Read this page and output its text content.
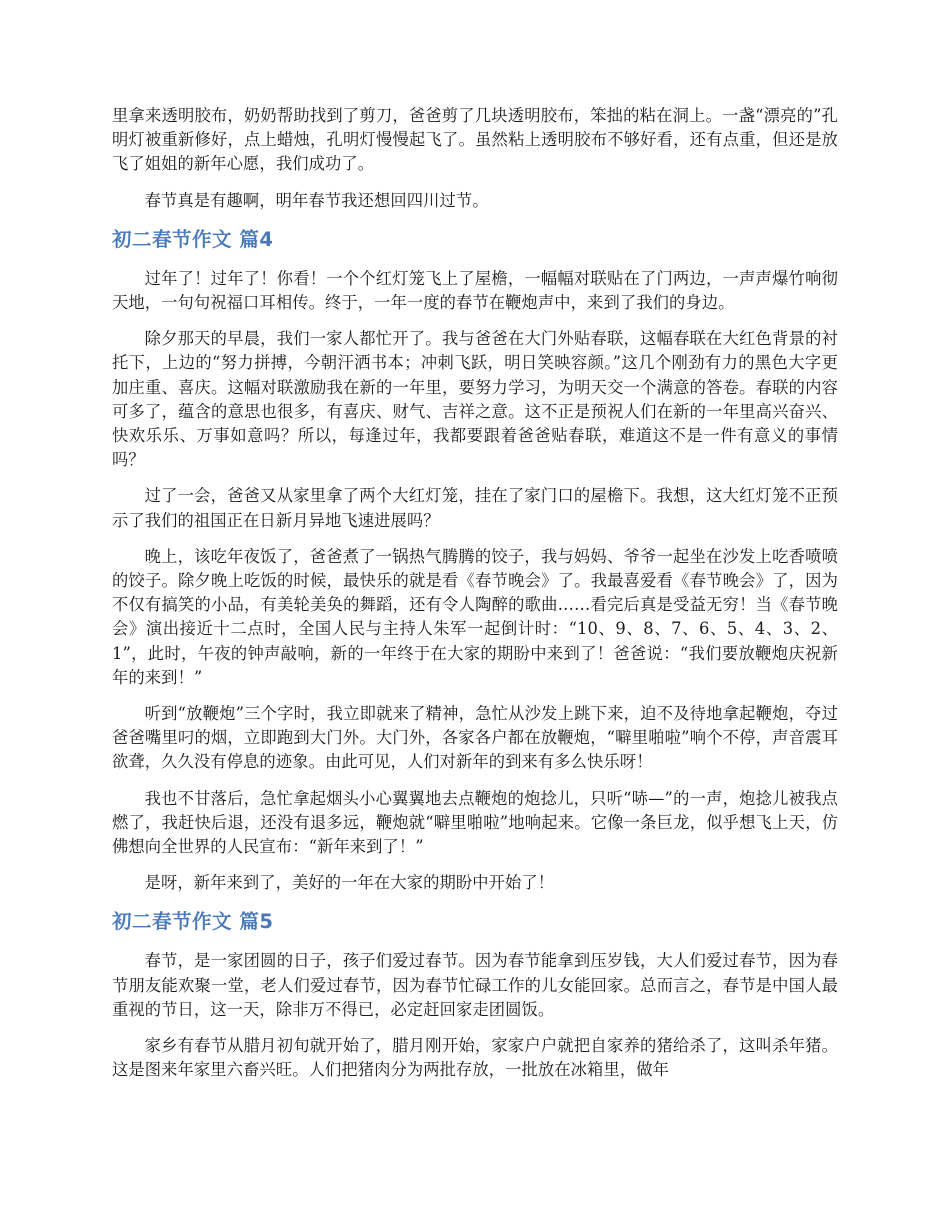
里拿来透明胶布，奶奶帮助找到了剪刀，爸爸剪了几块透明胶布，笨拙的粘在洞上。一盏“漂亮的”孔明灯被重新修好，点上蜡烛，孔明灯慢慢起飞了。虽然粘上透明胶布不够好看，还有点重，但还是放飞了姐姐的新年心愿，我们成功了。

春节真是有趣啊，明年春节我还想回四川过节。

初二春节作文 篇4

过年了！过年了！你看！一个个红灯笼飞上了屋檐，一幅幅对联贴在了门两边，一声声爆竹响彻天地，一句句祝福口耳相传。终于，一年一度的春节在鞭炮声中，来到了我们的身边。

除夕那天的早晨，我们一家人都忙开了。我与爸爸在大门外贴春联，这幅春联在大红色背景的衬托下，上边的“努力拼搏，今朝汗洒书本；冲刺飞跃，明日笑映容颜。”这几个刚劲有力的黑色大字更加庄重、喜庆。这幅对联激励我在新的一年里，要努力学习，为明天交一个满意的答卷。春联的内容可多了，蕴含的意思也很多，有喜庆、财气、吉祥之意。这不正是预祝人们在新的一年里高兴奋兴、快欢乐乐、万事如意吗？所以，每逢过年，我都要跟着爸爸贴春联，难道这不是一件有意义的事情吗？

过了一会，爸爸又从家里拿了两个大红灯笼，挂在了家门口的屋檐下。我想，这大红灯笼不正预示了我们的祖国正在日新月异地飞速进展吗？

晚上，该吃年夜饭了，爸爸煮了一锅热气腾腾的饺子，我与妈妈、爷爷一起坐在沙发上吃香喷喷的饺子。除夕晚上吃饭的时候，最快乐的就是看《春节晚会》了。我最喜爱看《春节晚会》了，因为不仅有搞笑的小品，有美轮美奂的舞蹈，还有令人陶醉的歌曲……看完后真是受益无穷！当《春节晚会》演出接近十二点时，全国人民与主持人朱军一起倒计时：“10、9、8、7、6、5、4、3、2、1”，此时，午夜的钟声敲响，新的一年终于在大家的期盼中来到了！爸爸说：“我们要放鞭炮庆祝新年的来到！”

听到“放鞭炮”三个字时，我立即就来了精神，急忙从沙发上跳下来，迫不及待地拿起鞭炮，夺过爸爸嘴里叼的烟，立即跑到大门外。大门外，各家各户都在放鞭炮，“噼里啪啦”响个不停，声音震耳欲聋，久久没有停息的迹象。由此可见，人们对新年的到来有多么快乐呀！

我也不甘落后，急忙拿起烟头小心翼翼地去点鞭炮的炮捻儿，只听“哧—”的一声，炮捻儿被我点燃了，我赶快后退，还没有退多远，鞭炮就“噼里啪啦”地响起来。它像一条巨龙，似乎想飞上天，仿佛想向全世界的人民宣布：“新年来到了！”

是呀，新年来到了，美好的一年在大家的期盼中开始了！

初二春节作文 篇5

春节，是一家团圆的日子，孩子们爱过春节。因为春节能拿到压岁钱，大人们爱过春节，因为春节朋友能欢聚一堂，老人们爱过春节，因为春节忙碌工作的儿女能回家。总而言之，春节是中国人最重视的节日，这一天，除非万不得已，必定赶回家走团圆饭。

家乡有春节从腊月初旬就开始了，腊月刚开始，家家户户就把自家养的猪给杀了，这叫杀年猪。这是图来年家里六畜兴旺。人们把猪肉分为两批存放，一批放在冰箱里，做年
